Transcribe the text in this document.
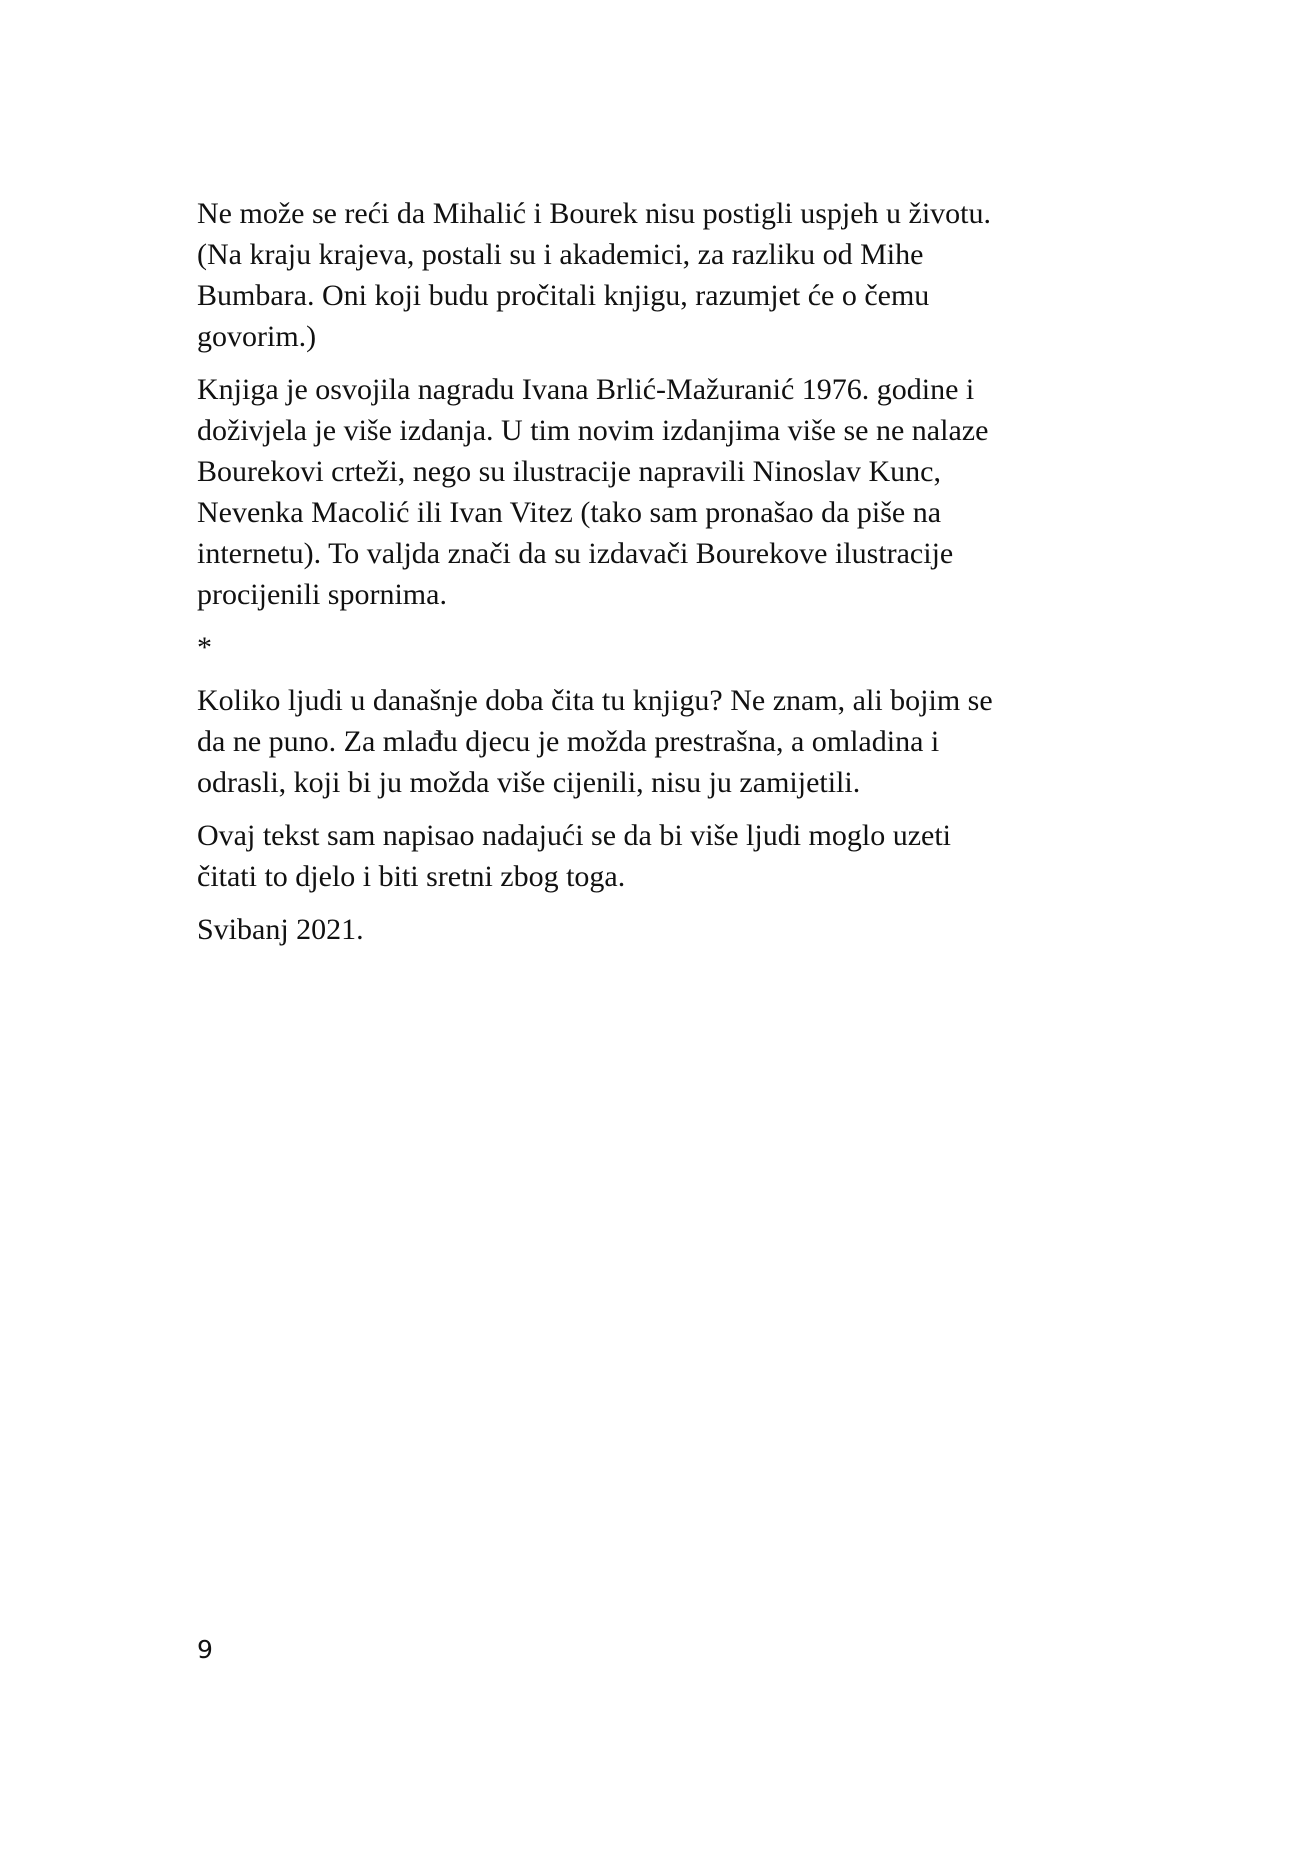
Ne može se reći da Mihalić i Bourek nisu postigli uspjeh u životu.
(Na kraju krajeva, postali su i akademici, za razliku od Mihe
Bumbara. Oni koji budu pročitali knjigu, razumjet će o čemu
govorim.)

Knjiga je osvojila nagradu Ivana Brlić-Mažuranić 1976. godine i
doživjela je više izdanja. U tim novim izdanjima više se ne nalaze
Bourekovi crteži, nego su ilustracije napravili Ninoslav Kunc,
Nevenka Macolić ili Ivan Vitez (tako sam pronašao da piše na
internetu). To valjda znači da su izdavači Bourekove ilustracije
procijenili spornima.

*

Koliko ljudi u današnje doba čita tu knjigu? Ne znam, ali bojim se
da ne puno. Za mlađu djecu je možda prestrašna, a omladina i
odrasli, koji bi ju možda više cijenili, nisu ju zamijetili.

Ovaj tekst sam napisao nadajući se da bi više ljudi moglo uzeti
čitati to djelo i biti sretni zbog toga.

Svibanj 2021.

9
